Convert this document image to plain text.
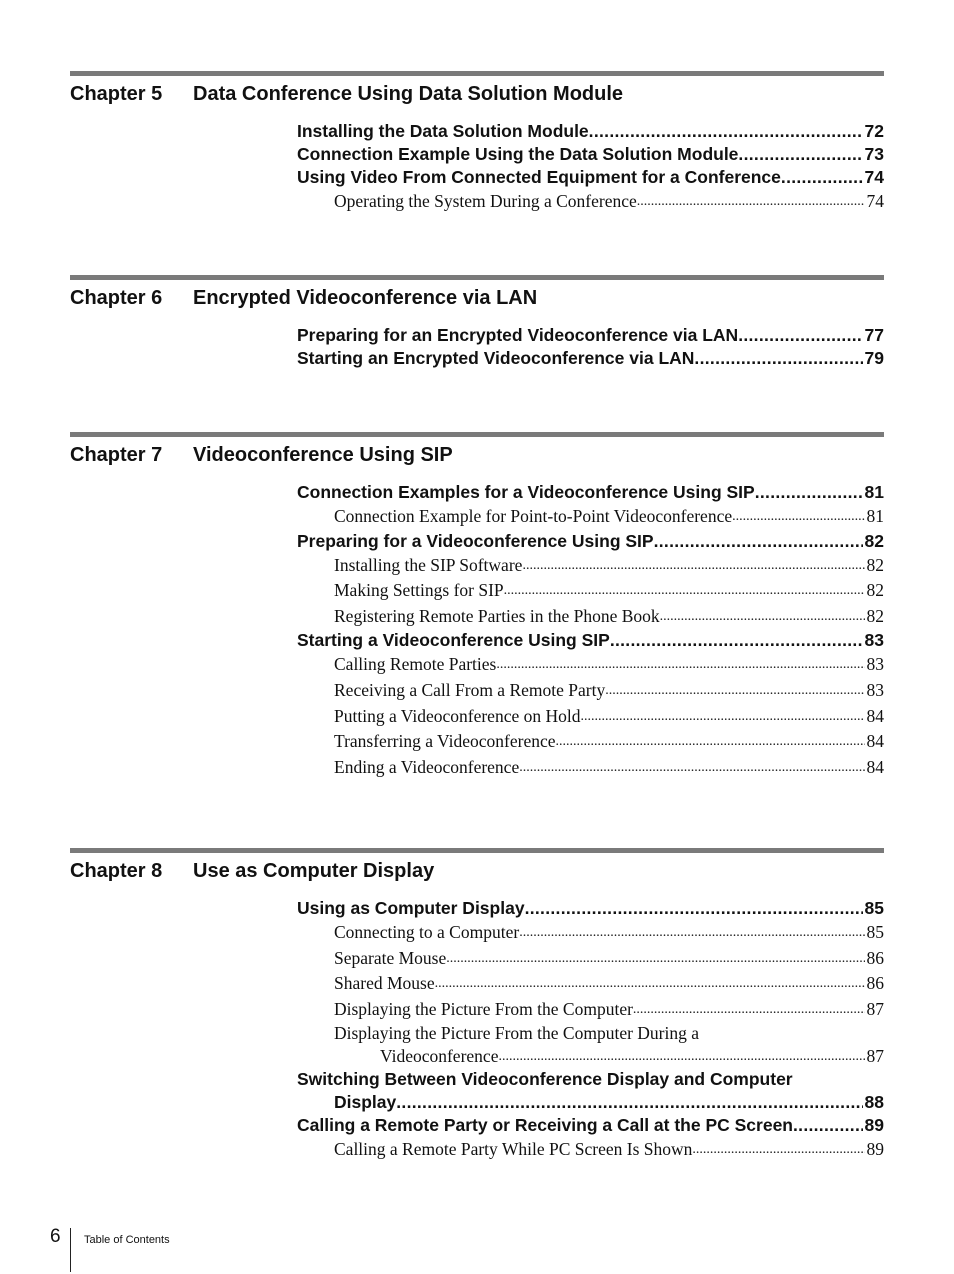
Chapter 5 Data Conference Using Data Solution Module
Installing the Data Solution Module .....	72
Connection Example Using the Data Solution Module .....	73
Using Video From Connected Equipment for a Conference .....	74
Operating the System During a Conference .....	74
Chapter 6 Encrypted Videoconference via LAN
Preparing for an Encrypted Videoconference via LAN .....	77
Starting an Encrypted Videoconference via LAN .....	79
Chapter 7 Videoconference Using SIP
Connection Examples for a Videoconference Using SIP .....	81
Connection Example for Point-to-Point Videoconference .....	81
Preparing for a Videoconference Using SIP .....	82
Installing the SIP Software .....	82
Making Settings for SIP .....	82
Registering Remote Parties in the Phone Book .....	82
Starting a Videoconference Using SIP .....	83
Calling Remote Parties .....	83
Receiving a Call From a Remote Party .....	83
Putting a Videoconference on Hold .....	84
Transferring a Videoconference .....	84
Ending a Videoconference .....	84
Chapter 8 Use as Computer Display
Using as Computer Display .....	85
Connecting to a Computer .....	85
Separate Mouse .....	86
Shared Mouse .....	86
Displaying the Picture From the Computer .....	87
Displaying the Picture From the Computer During a
Videoconference .....	87
Switching Between Videoconference Display and Computer
Display .....	88
Calling a Remote Party or Receiving a Call at the PC Screen .....	89
Calling a Remote Party While PC Screen Is Shown .....	89
6 Table of Contents
